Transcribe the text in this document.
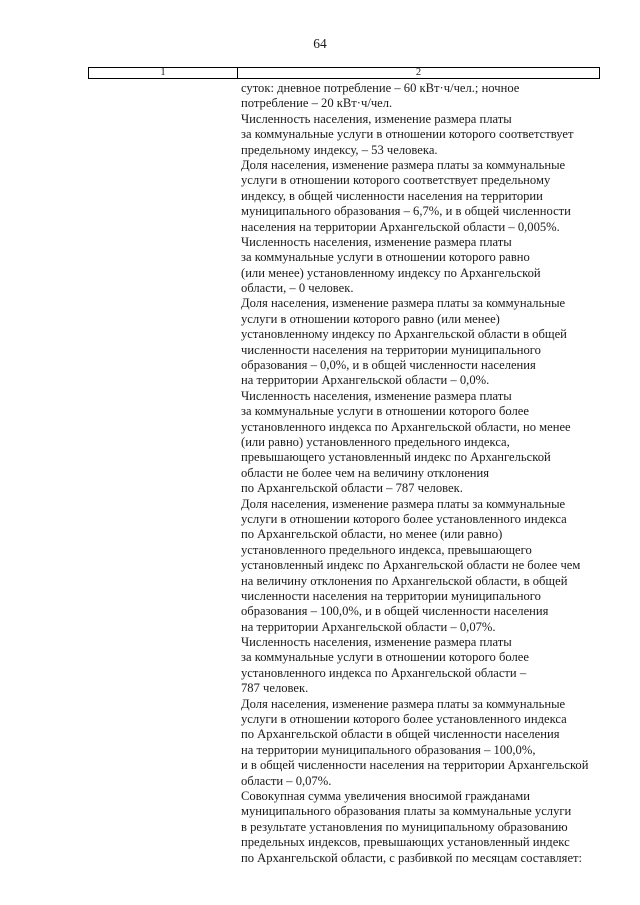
64
1	2
суток: дневное потребление – 60 кВт·ч/чел.; ночное
потребление – 20 кВт·ч/чел.
Численность населения, изменение размера платы
за коммунальные услуги в отношении которого соответствует
предельному индексу, – 53 человека.
Доля населения, изменение размера платы за коммунальные
услуги в отношении которого соответствует предельному
индексу, в общей численности населения на территории
муниципального образования – 6,7%, и в общей численности
населения на территории Архангельской области – 0,005%.
Численность населения, изменение размера платы
за коммунальные услуги в отношении которого равно
(или менее) установленному индексу по Архангельской
области, – 0 человек.
Доля населения, изменение размера платы за коммунальные
услуги в отношении которого равно (или менее)
установленному индексу по Архангельской области в общей
численности населения на территории муниципального
образования – 0,0%, и в общей численности населения
на территории Архангельской области – 0,0%.
Численность населения, изменение размера платы
за коммунальные услуги в отношении которого более
установленного индекса по Архангельской области, но менее
(или равно) установленного предельного индекса,
превышающего установленный индекс по Архангельской
области не более чем на величину отклонения
по Архангельской области – 787 человек.
Доля населения, изменение размера платы за коммунальные
услуги в отношении которого более установленного индекса
по Архангельской области, но менее (или равно)
установленного предельного индекса, превышающего
установленный индекс по Архангельской области не более чем
на величину отклонения по Архангельской области, в общей
численности населения на территории муниципального
образования – 100,0%, и в общей численности населения
на территории Архангельской области – 0,07%.
Численность населения, изменение размера платы
за коммунальные услуги в отношении которого более
установленного индекса по Архангельской области –
787 человек.
Доля населения, изменение размера платы за коммунальные
услуги в отношении которого более установленного индекса
по Архангельской области в общей численности населения
на территории муниципального образования – 100,0%,
и в общей численности населения на территории Архангельской
области – 0,07%.
Совокупная сумма увеличения вносимой гражданами
муниципального образования платы за коммунальные услуги
в результате установления по муниципальному образованию
предельных индексов, превышающих установленный индекс
по Архангельской области, с разбивкой по месяцам составляет:
